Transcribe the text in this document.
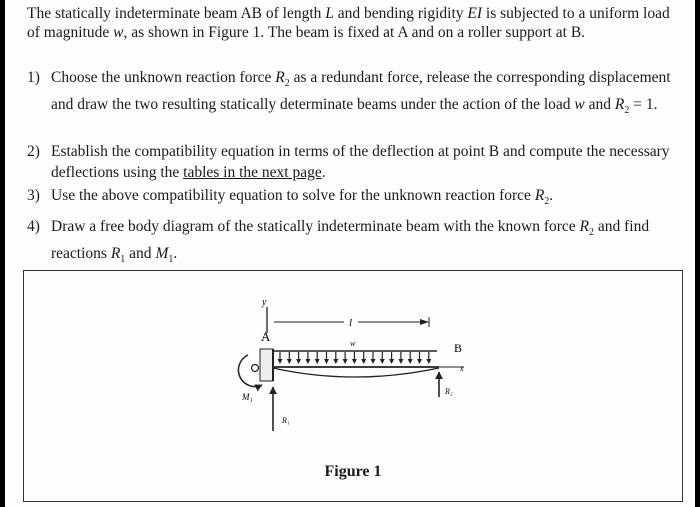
The statically indeterminate beam AB of length L and bending rigidity EI is subjected to a uniform load of magnitude w, as shown in Figure 1. The beam is fixed at A and on a roller support at B.

1) Choose the unknown reaction force $R_2$ as a redundant force, release the corresponding displacement and draw the two resulting statically determinate beams under the action of the load w and $R_2 = 1$.
2) Establish the compatibility equation in terms of the deflection at point B and compute the necessary deflections using the tables in the next page.
3) Use the above compatibility equation to solve for the unknown reaction force $R_2$.
4) Draw a free body diagram of the statically indeterminate beam with the known force $R_2$ and find reactions $R_1$ and $M_1$.
y
A
l
w	B
x
M₁
R₁
R₂
Figure 1
